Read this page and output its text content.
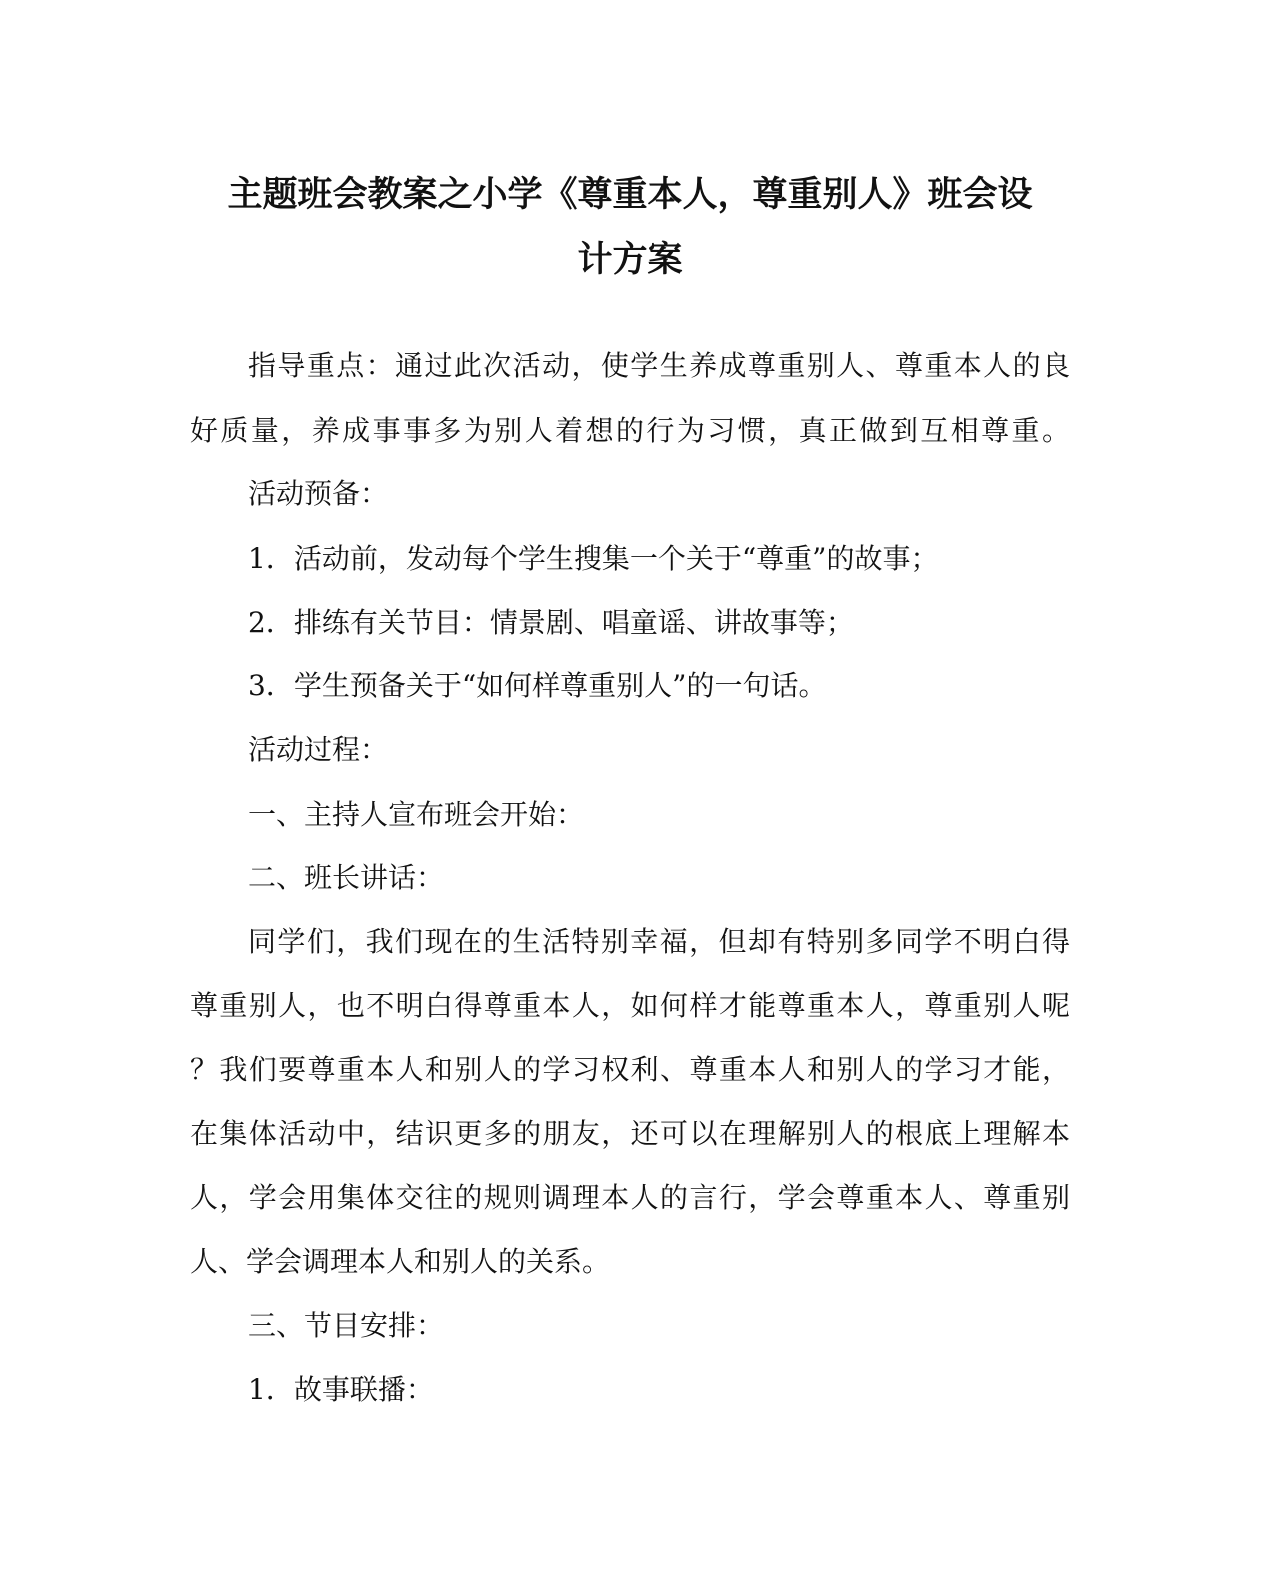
主题班会教案之小学《尊重本人，尊重别人》班会设
计方案

指导重点：通过此次活动，使学生养成尊重别人、尊重本人的良

好质量，养成事事多为别人着想的行为习惯，真正做到互相尊重。

活动预备：

1．活动前，发动每个学生搜集一个关于“尊重”的故事；

2．排练有关节目：情景剧、唱童谣、讲故事等；

3．学生预备关于“如何样尊重别人”的一句话。

活动过程：

一、主持人宣布班会开始：

二、班长讲话：

同学们，我们现在的生活特别幸福，但却有特别多同学不明白得

尊重别人，也不明白得尊重本人，如何样才能尊重本人，尊重别人呢

？我们要尊重本人和别人的学习权利、尊重本人和别人的学习才能，

在集体活动中，结识更多的朋友，还可以在理解别人的根底上理解本

人，学会用集体交往的规则调理本人的言行，学会尊重本人、尊重别

人、学会调理本人和别人的关系。

三、节目安排：

1．故事联播：
